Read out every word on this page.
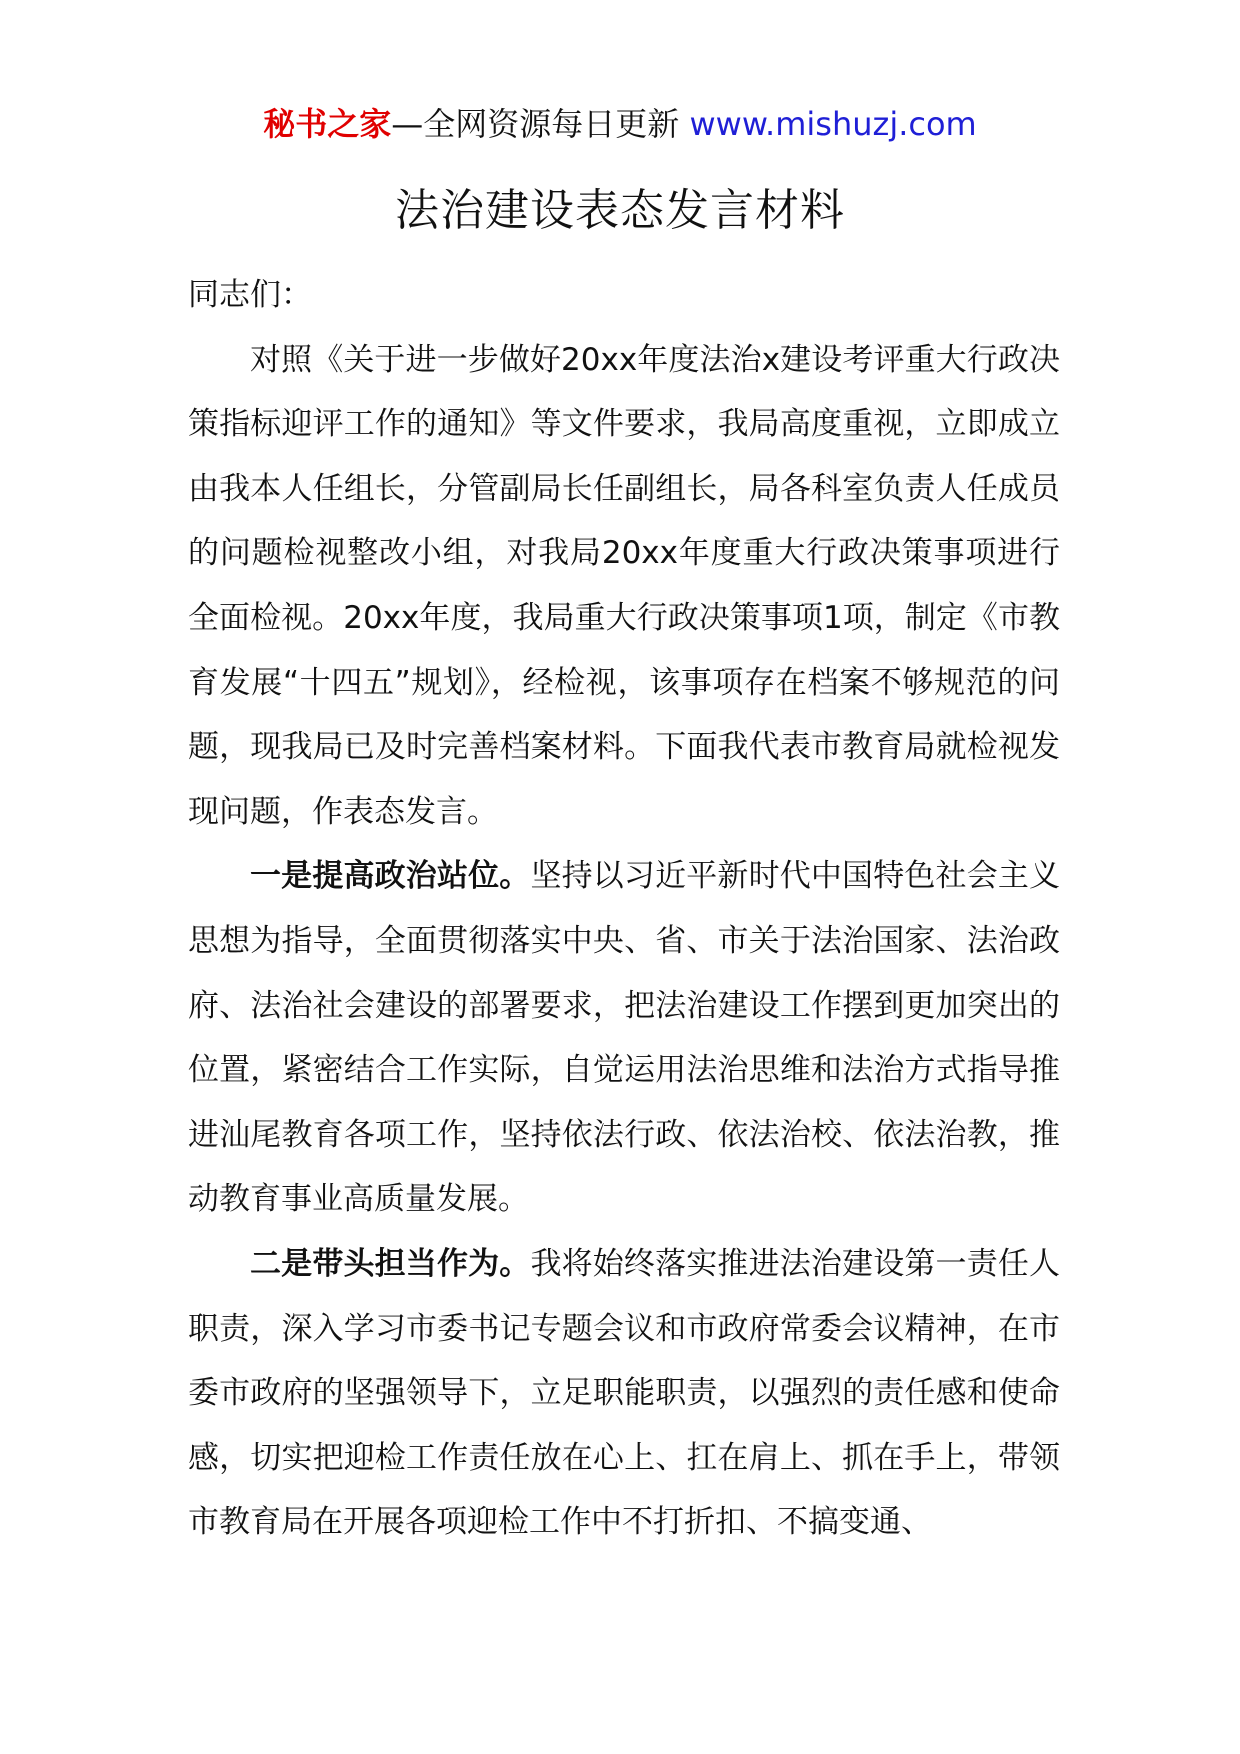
秘书之家—全网资源每日更新 www.mishuzj.com
法治建设表态发言材料

同志们：

对照《关于进一步做好20xx年度法治x建设考评重大行政决策指标迎评工作的通知》等文件要求，我局高度重视，立即成立由我本人任组长，分管副局长任副组长，局各科室负责人任成员的问题检视整改小组，对我局20xx年度重大行政决策事项进行全面检视。20xx年度，我局重大行政决策事项1项，制定《市教育发展“十四五”规划》，经检视，该事项存在档案不够规范的问题，现我局已及时完善档案材料。下面我代表市教育局就检视发现问题，作表态发言。

一是提高政治站位。坚持以习近平新时代中国特色社会主义思想为指导，全面贯彻落实中央、省、市关于法治国家、法治政府、法治社会建设的部署要求，把法治建设工作摆到更加突出的位置，紧密结合工作实际，自觉运用法治思维和法治方式指导推进汕尾教育各项工作，坚持依法行政、依法治校、依法治教，推动教育事业高质量发展。

二是带头担当作为。我将始终落实推进法治建设第一责任人职责，深入学习市委书记专题会议和市政府常委会议精神，在市委市政府的坚强领导下，立足职能职责，以强烈的责任感和使命感，切实把迎检工作责任放在心上、扛在肩上、抓在手上，带领市教育局在开展各项迎检工作中不打折扣、不搞变通、
